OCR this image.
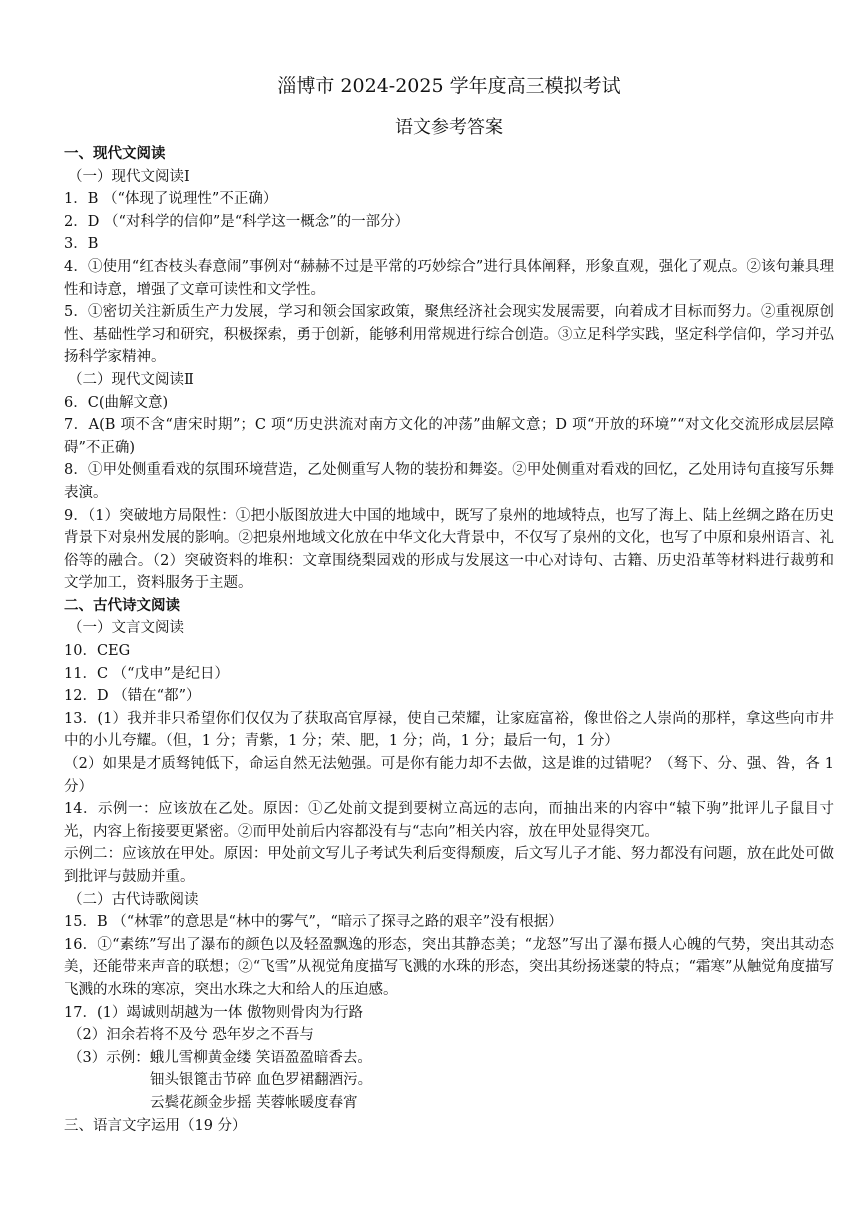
淄博市 2024-2025 学年度高三模拟考试
语文参考答案
一、现代文阅读
（一）现代文阅读Ⅰ
1．B （“体现了说理性”不正确）
2．D （“对科学的信仰”是“科学这一概念”的一部分）
3．B
4．①使用“红杏枝头春意闹”事例对“赫赫不过是平常的巧妙综合”进行具体阐释，形象直观，强化了观点。②该句兼具理性和诗意，增强了文章可读性和文学性。
5．①密切关注新质生产力发展，学习和领会国家政策，聚焦经济社会现实发展需要，向着成才目标而努力。②重视原创性、基础性学习和研究，积极探索，勇于创新，能够利用常规进行综合创造。③立足科学实践，坚定科学信仰，学习并弘扬科学家精神。
（二）现代文阅读Ⅱ
6．C(曲解文意)
7．A(B 项不含“唐宋时期”；C 项“历史洪流对南方文化的冲荡”曲解文意；D 项“开放的环境”“对文化交流形成层层障碍”不正确)
8．①甲处侧重看戏的氛围环境营造，乙处侧重写人物的装扮和舞姿。②甲处侧重对看戏的回忆，乙处用诗句直接写乐舞表演。
9．（1）突破地方局限性：①把小版图放进大中国的地域中，既写了泉州的地域特点，也写了海上、陆上丝绸之路在历史背景下对泉州发展的影响。②把泉州地域文化放在中华文化大背景中，不仅写了泉州的文化，也写了中原和泉州语言、礼俗等的融合。（2）突破资料的堆积：文章围绕梨园戏的形成与发展这一中心对诗句、古籍、历史沿革等材料进行裁剪和文学加工，资料服务于主题。
二、古代诗文阅读
（一）文言文阅读
10．CEG
11．C （“戊申”是纪日）
12．D （错在“都”）
13．(1）我并非只希望你们仅仅为了获取高官厚禄，使自己荣耀，让家庭富裕，像世俗之人崇尚的那样，拿这些向市井中的小儿夸耀。（但，1 分；青紫，1 分；荣、肥，1 分；尚，1 分；最后一句，1 分）
（2）如果是才质驽钝低下，命运自然无法勉强。可是你有能力却不去做，这是谁的过错呢？（驽下、分、强、咎，各 1 分）
14．示例一：应该放在乙处。原因：①乙处前文提到要树立高远的志向，而抽出来的内容中“辕下驹”批评儿子鼠目寸光，内容上衔接要更紧密。②而甲处前后内容都没有与“志向”相关内容，放在甲处显得突兀。
示例二：应该放在甲处。原因：甲处前文写儿子考试失利后变得颓废，后文写儿子才能、努力都没有问题，放在此处可做到批评与鼓励并重。
（二）古代诗歌阅读
15．B （“林霏”的意思是“林中的雾气”，“暗示了探寻之路的艰辛”没有根据）
16．①“素练”写出了瀑布的颜色以及轻盈飘逸的形态，突出其静态美；“龙怒”写出了瀑布摄人心魄的气势，突出其动态美，还能带来声音的联想；②“飞雪”从视觉角度描写飞溅的水珠的形态，突出其纷扬迷蒙的特点；“霜寒”从触觉角度描写飞溅的水珠的寒凉，突出水珠之大和给人的压迫感。
17．(1）竭诚则胡越为一体 傲物则骨肉为行路
（2）汩余若将不及兮 恐年岁之不吾与
（3）示例：蛾儿雪柳黄金缕 笑语盈盈暗香去。
钿头银篦击节碎 血色罗裙翻酒污。
云鬓花颜金步摇 芙蓉帐暖度春宵
三、语言文字运用（19 分）
